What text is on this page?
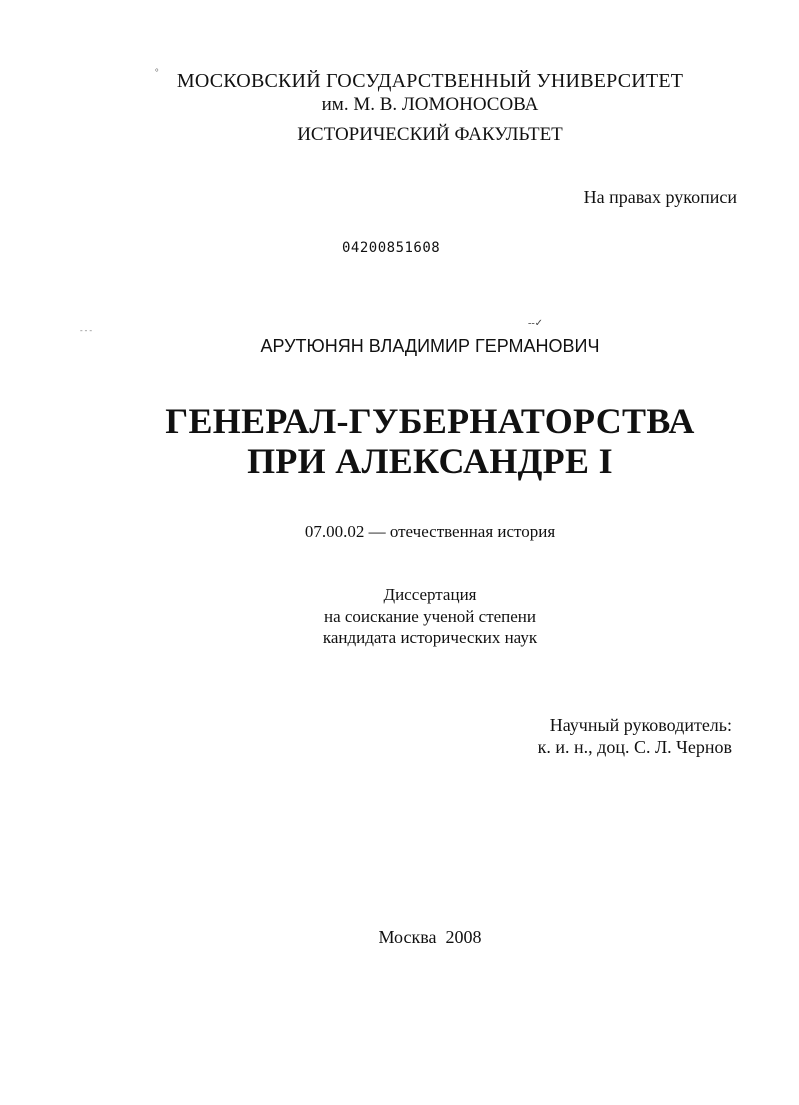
°
- - -
--✓
МОСКОВСКИЙ ГОСУДАРСТВЕННЫЙ УНИВЕРСИТЕТ
им. М. В. ЛОМОНОСОВА
ИСТОРИЧЕСКИЙ ФАКУЛЬТЕТ
На правах рукописи
04200851608
АРУТЮНЯН ВЛАДИМИР ГЕРМАНОВИЧ
ГЕНЕРАЛ-ГУБЕРНАТОРСТВА
ПРИ АЛЕКСАНДРЕ I
07.00.02 — отечественная история
Диссертация
на соискание ученой степени
кандидата исторических наук
Научный руководитель:
к. и. н., доц. С. Л. Чернов
Москва  2008
